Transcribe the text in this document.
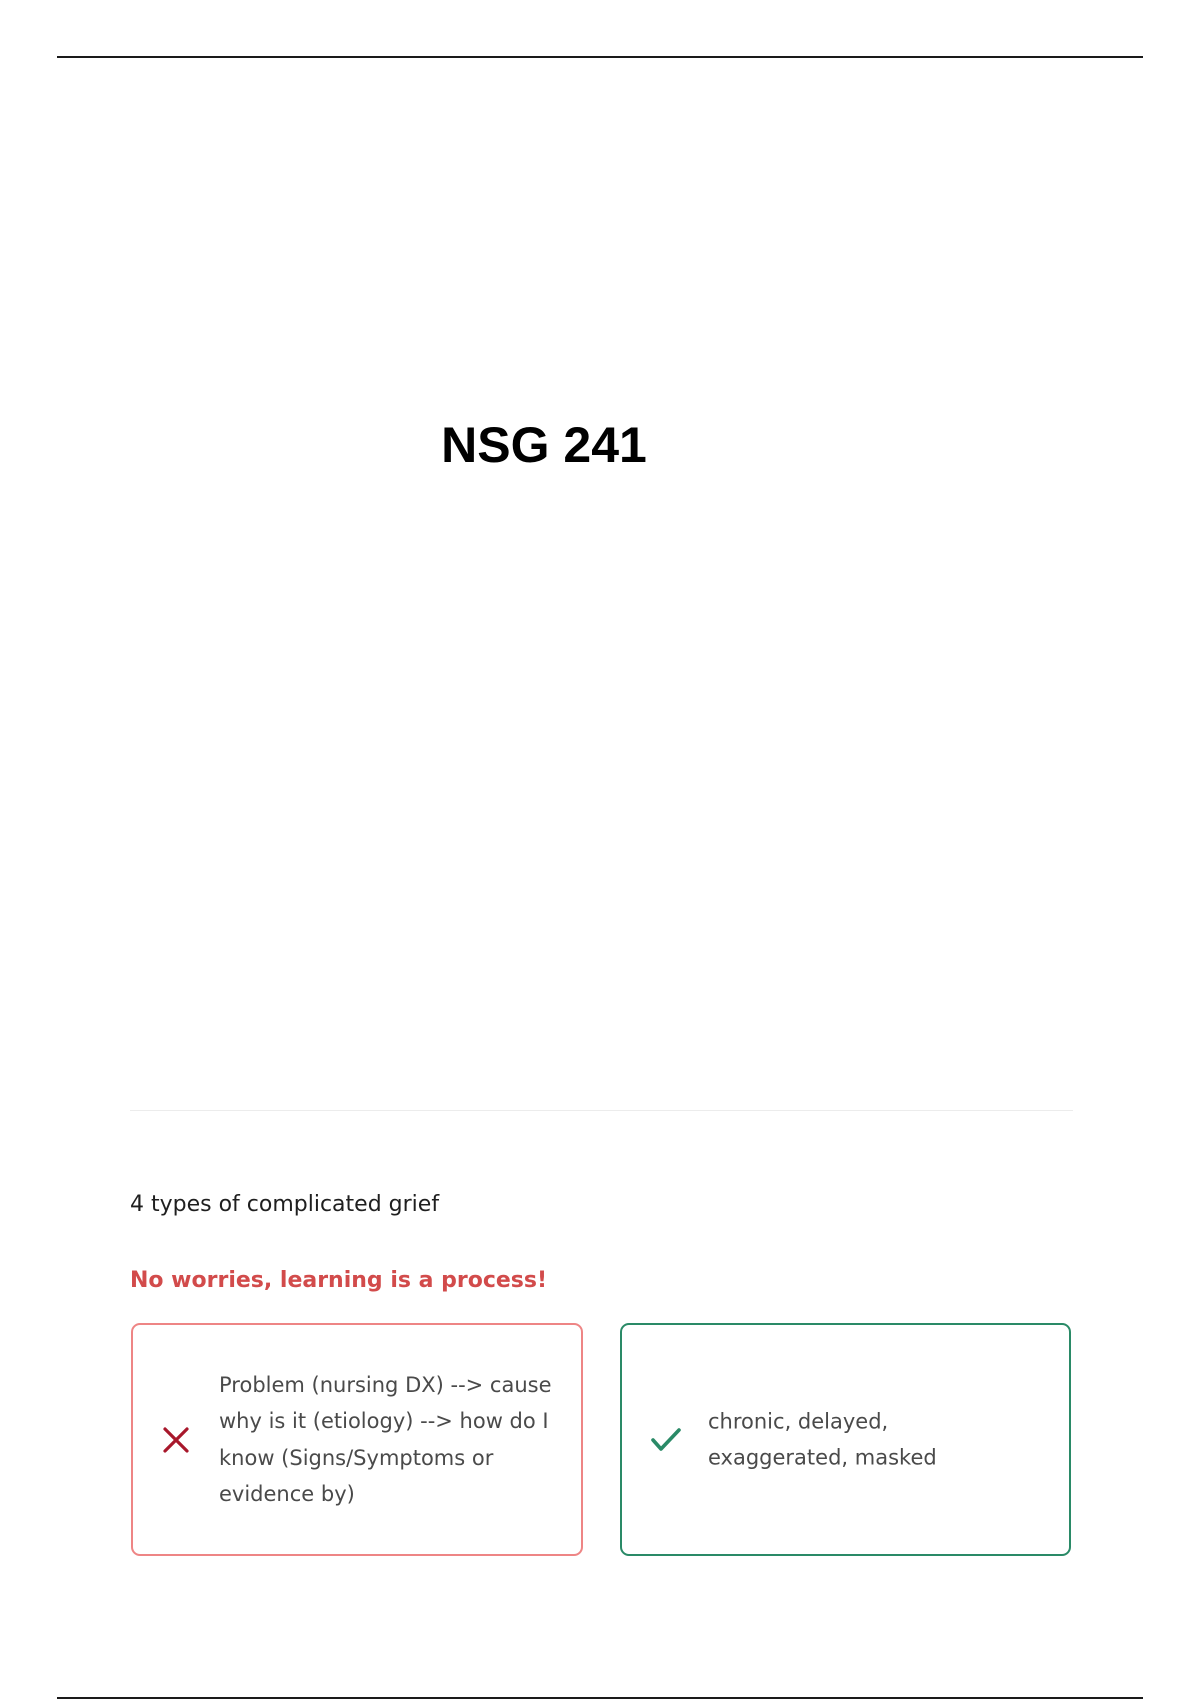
NSG 241

4 types of complicated grief

No worries, learning is a process!

Problem (nursing DX) --> cause why is it (etiology) --> how do I know (Signs/Symptoms or evidence by)

chronic, delayed, exaggerated, masked
